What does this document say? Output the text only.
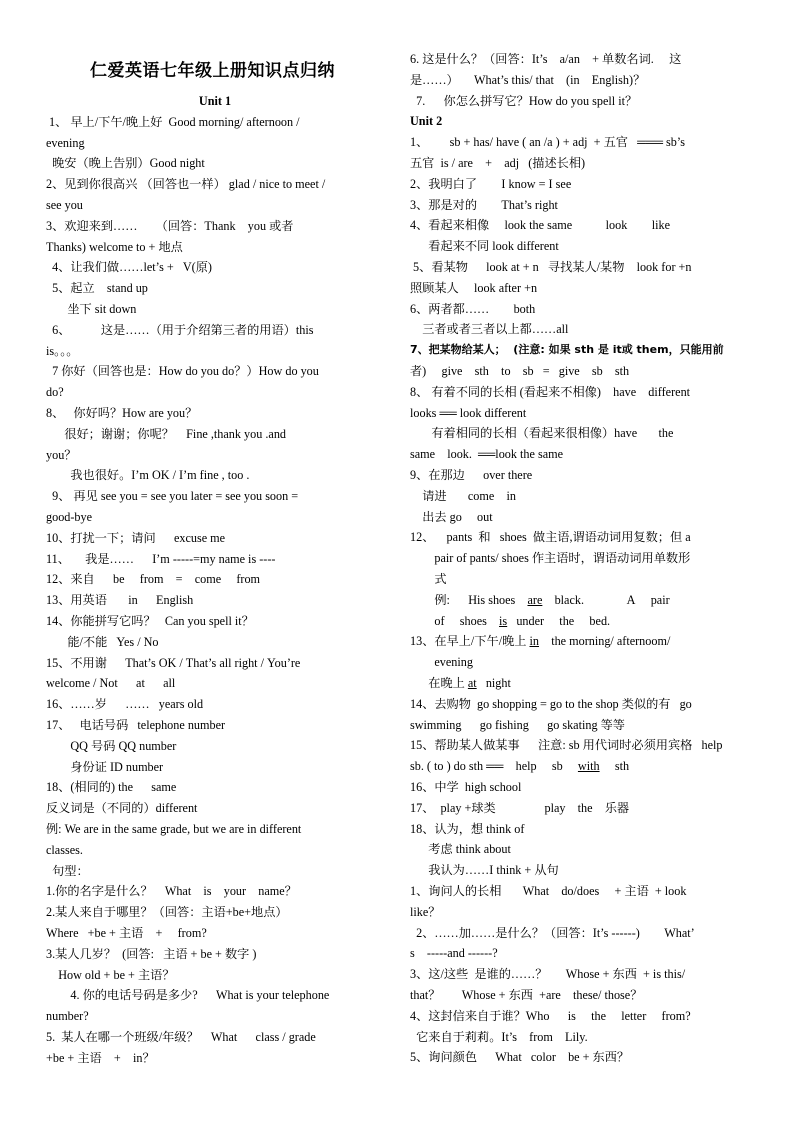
仁爱英语七年级上册知识点归纳
Unit 1
1、 早上/下午/晚上好  Good morning/ afternoon /
evening
晚安（晚上告别）Good night
2、见到你很高兴 （回答也一样） glad / nice to meet /
see you
3、欢迎来到……      （回答：Thank    you 或者
Thanks) welcome to + 地点
4、让我们做……let’s +   V(原)
5、起立    stand up
坐下 sit down
6、          这是……（用于介绍第三者的用语）this
is。。。
7 你好（回答也是：How do you do？）How do you
do?
8、   你好吗？How are you？
很好；谢谢；你呢？    Fine ,thank you .and
you？
我也很好。I’m OK / I’m fine , too .
9、 再见 see you = see you later = see you soon =
good-bye
10、打扰一下；请问      excuse me
11、     我是……      I’m -----=my name is ----
12、来自      be     from    =    come     from
13、用英语       in      English
14、你能拼写它吗？   Can you spell it？
能/不能   Yes / No
15、不用谢      That’s OK / That’s all right / You’re
welcome / Not      at      all
16、……岁      ……   years old
17、   电话号码   telephone number
QQ 号码 QQ number
身份证 ID number
18、(相同的) the      same
反义词是（不同的）different
例: We are in the same grade, but we are in different
classes.
句型：
1.你的名字是什么？    What    is    your    name？
2.某人来自于哪里？（回答：主语+be+地点）
Where   +be + 主语    +     from?
3.某人几岁？  (回答:   主语 + be + 数字 )
How old + be + 主语？
4. 你的电话号码是多少?      What is your telephone
number?
5.  某人在哪一个班级/年级？    What      class / grade
+be + 主语    +    in？
6. 这是什么？（回答：It’s    a/an    + 单数名词.     这
是……）     What’s this/ that    (in    English)？
7.      你怎么拼写它？How do you spell it？
Unit 2
1、       sb + has/ have ( an /a ) + adj  + 五官   ═══ sb’s
五官  is / are    +    adj   (描述长相)
2、我明白了        I know = I see
3、那是对的        That’s right
4、看起来相像     look the same           look        like
看起来不同 look different
5、看某物      look at + n   寻找某人/某物    look for +n
照顾某人     look after +n
6、两者都……        both
三者或者三者以上都……all
7、把某物给某人；  (注意: 如果 sth 是 it或 them，只能用前
者)     give    sth    to    sb   =   give    sb    sth
8、 有着不同的长相 (看起来不相像)    have    different
looks ══ look different
有着相同的长相（看起来很相像）have       the
same    look.  ══look the same
9、在那边      over there
请进       come    in
出去 go     out
12、    pants  和   shoes  做主语,谓语动词用复数；但 a
pair of pants/ shoes 作主语时，谓语动词用单数形
式
例:      His shoes    are    black.              A     pair
of     shoes    is   under     the     bed.
13、在早上/下午/晚上 in    the morning/ afternoom/
evening
在晚上 at   night
14、去购物  go shopping = go to the shop 类似的有   go
swimming      go fishing      go skating 等等
15、帮助某人做某事      注意: sb 用代词时必须用宾格   help
sb. ( to ) do sth ══    help     sb     with     sth
16、中学  high school
17、  play +球类                play    the    乐器
18、认为，想 think of
考虑 think about
我认为……I think + 从句
1、询问人的长相       What    do/does     + 主语  + look
like？
2、……加……是什么？（回答：It’s ------)        What’
s    -----and ------?
3、这/这些  是谁的……？      Whose + 东西  + is this/
that？       Whose + 东西  +are    these/ those？
4、这封信来自于谁？Who      is     the     letter     from?
它来自于莉莉。It’s    from    Lily.
5、询问颜色      What   color    be + 东西？
